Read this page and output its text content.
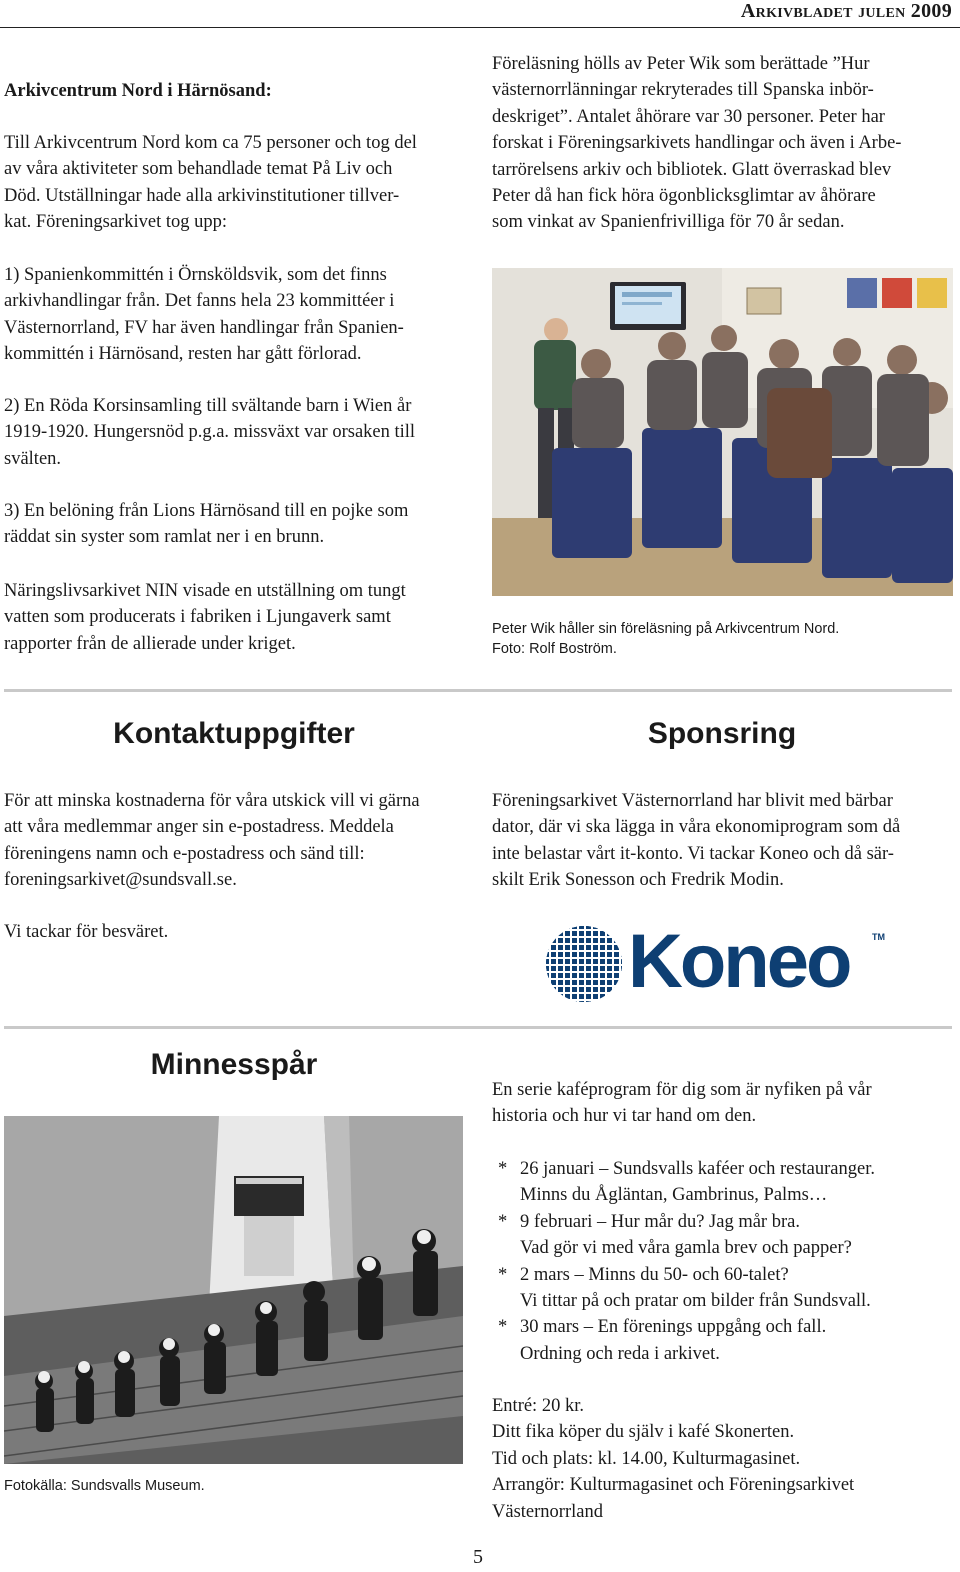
Arkivbladet julen 2009
Arkivcentrum Nord i Härnösand:
Till Arkivcentrum Nord kom ca 75 personer och tog del
av våra aktiviteter som behandlade temat På Liv och
Död. Utställningar hade alla arkivinstitutioner tillver-
kat. Föreningsarkivet tog upp:
1) Spanienkommittén i Örnsköldsvik, som det finns
arkivhandlingar från. Det fanns hela 23 kommittéer i
Västernorrland, FV har även handlingar från Spanien-
kommittén i Härnösand, resten har gått förlorad.
2) En Röda Korsinsamling till svältande barn i Wien år
1919-1920. Hungersnöd p.g.a. missväxt var orsaken till
svälten.
3) En belöning från Lions Härnösand till en pojke som
räddat sin syster som ramlat ner i en brunn.
Näringslivsarkivet NIN visade en utställning om tungt
vatten som producerats i fabriken i Ljungaverk samt
rapporter från de allierade under kriget.
Föreläsning hölls av Peter Wik som berättade ”Hur
västernorrlänningar rekryterades till Spanska inbör-
deskriget”. Antalet åhörare var 30 personer. Peter har
forskat i Föreningsarkivets handlingar och även i Arbe-
tarrörelsens arkiv och bibliotek. Glatt överraskad blev
Peter då han fick höra ögonblicksglimtar av åhörare
som vinkat av Spanienfrivilliga för 70 år sedan.
Peter Wik håller sin föreläsning på Arkivcentrum Nord.
Foto: Rolf Boström.
Kontaktuppgifter
För att minska kostnaderna för våra utskick vill vi gärna
att våra medlemmar anger sin e-postadress. Meddela
föreningens namn och e-postadress och sänd till:
foreningsarkivet@sundsvall.se.
Vi tackar för besväret.
Sponsring
Föreningsarkivet Västernorrland har blivit med bärbar
dator, där vi ska lägga in våra ekonomiprogram som då
inte belastar vårt it-konto. Vi tackar Koneo och då sär-
skilt Erik Sonesson och Fredrik Modin.
Koneo	TM
Minnesspår
Fotokälla: Sundsvalls Museum.
En serie kaféprogram för dig som är nyfiken på vår
historia och hur vi tar hand om den.
* 26 januari – Sundsvalls kaféer och restauranger.
Minns du Ågläntan, Gambrinus, Palms…
* 9 februari – Hur mår du? Jag mår bra.
Vad gör vi med våra gamla brev och papper?
* 2 mars – Minns du 50- och 60-talet?
Vi tittar på och pratar om bilder från Sundsvall.
* 30 mars – En förenings uppgång och fall.
Ordning och reda i arkivet.
Entré: 20 kr.
Ditt fika köper du själv i kafé Skonerten.
Tid och plats: kl. 14.00, Kulturmagasinet.
Arrangör: Kulturmagasinet och Föreningsarkivet
Västernorrland
5
